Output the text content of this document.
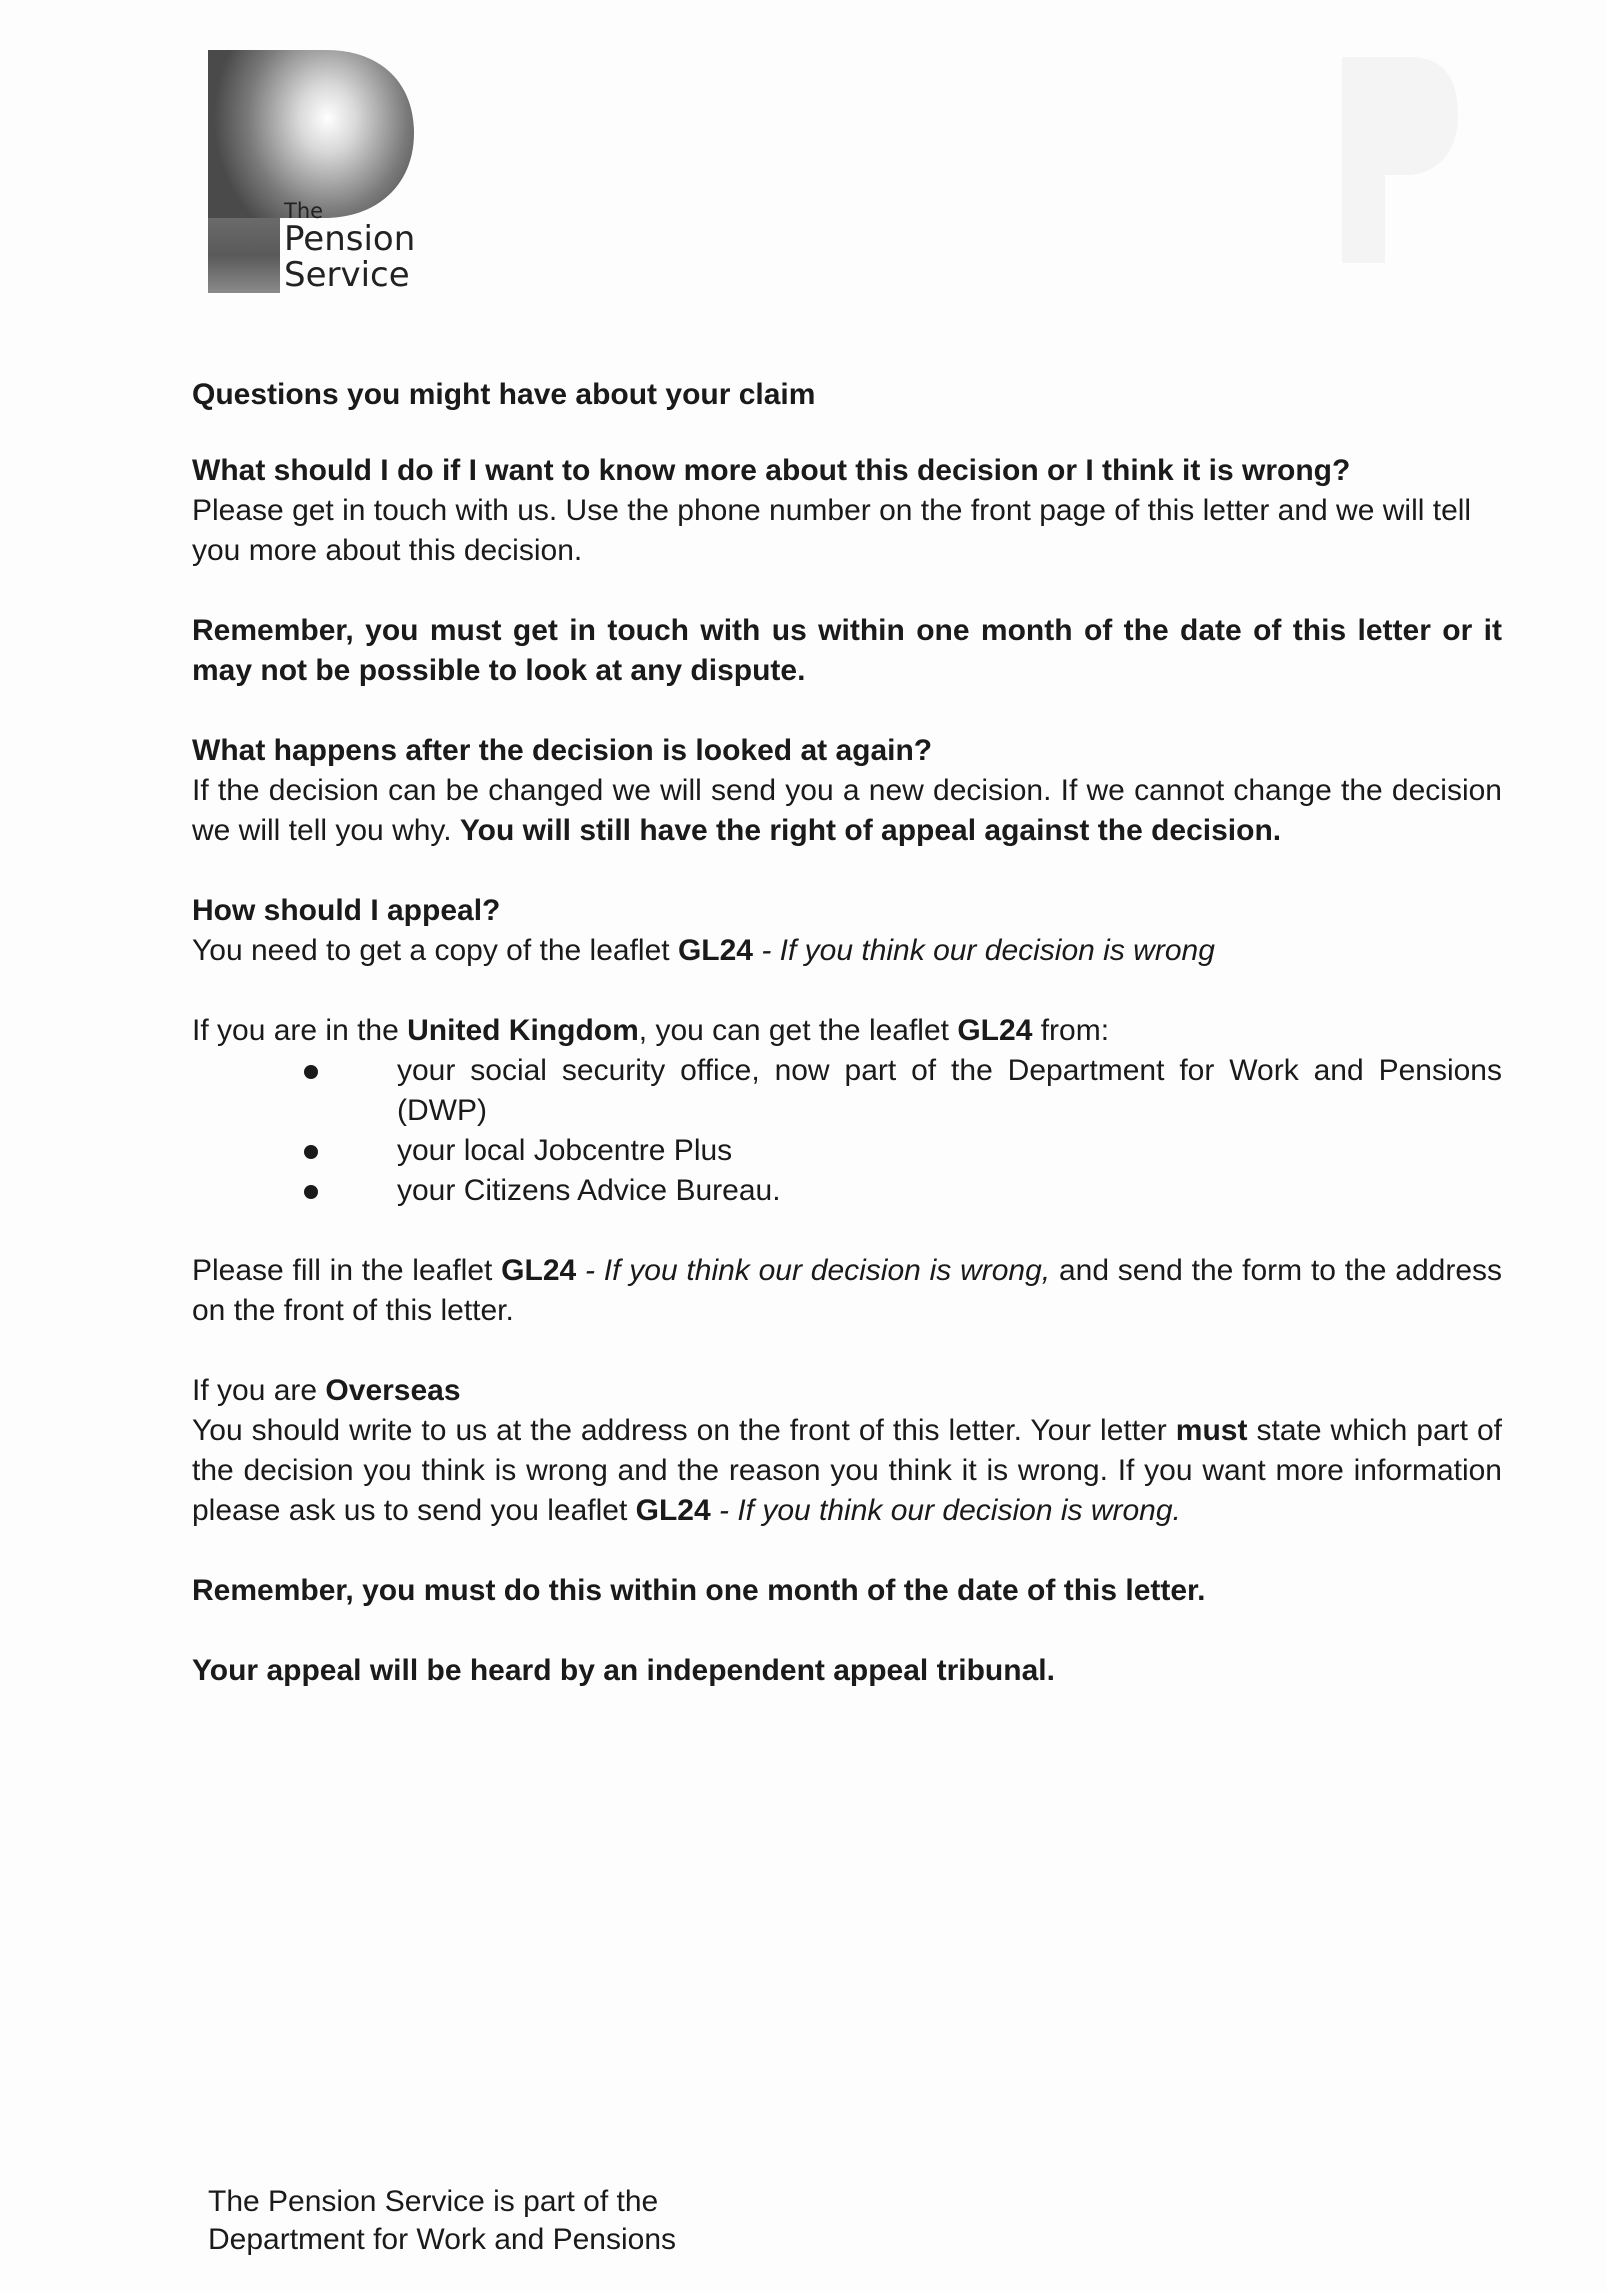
The
Pension
Service
Questions you might have about your claim
What should I do if I want to know more about this decision or I think it is wrong?
Please get in touch with us. Use the phone number on the front page of this letter and we will tell you more about this decision.
Remember, you must get in touch with us within one month of the date of this letter or it may not be possible to look at any dispute.
What happens after the decision is looked at again?
If the decision can be changed we will send you a new decision. If we cannot change the decision we will tell you why. You will still have the right of appeal against the decision.
How should I appeal?
You need to get a copy of the leaflet GL24 - If you think our decision is wrong
If you are in the United Kingdom, you can get the leaflet GL24 from:
your social security office, now part of the Department for Work and Pensions (DWP)
your local Jobcentre Plus
your Citizens Advice Bureau.
Please fill in the leaflet GL24 - If you think our decision is wrong, and send the form to the address on the front of this letter.
If you are Overseas
You should write to us at the address on the front of this letter. Your letter must state which part of the decision you think is wrong and the reason you think it is wrong. If you want more information please ask us to send you leaflet GL24 - If you think our decision is wrong.
Remember, you must do this within one month of the date of this letter.
Your appeal will be heard by an independent appeal tribunal.
The Pension Service is part of the
Department for Work and Pensions
